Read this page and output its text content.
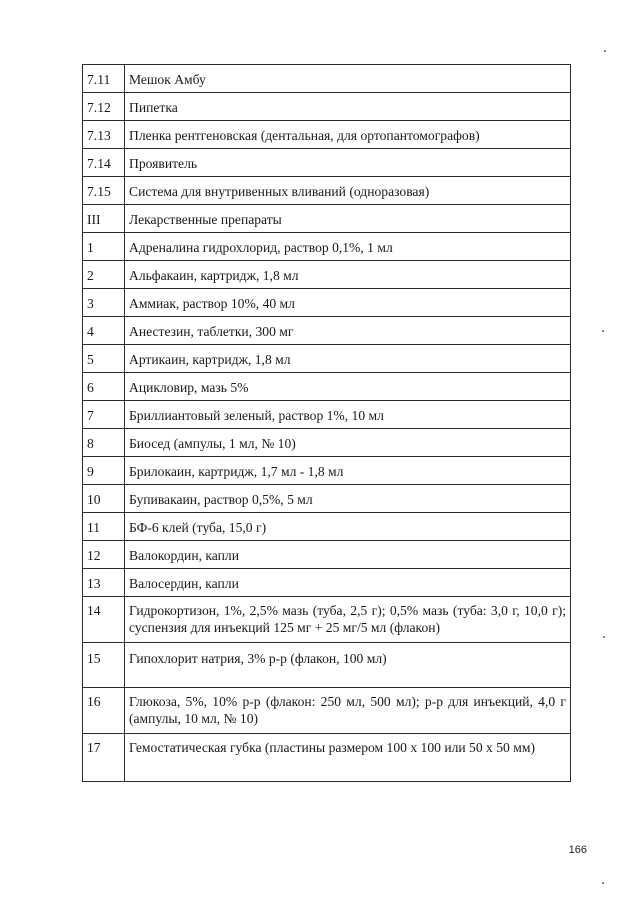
7.11	Мешок Амбу
7.12	Пипетка
7.13	Пленка рентгеновская (дентальная, для ортопантомографов)
7.14	Проявитель
7.15	Система для внутривенных вливаний (одноразовая)
III	Лекарственные препараты
1	Адреналина гидрохлорид, раствор 0,1%, 1 мл
2	Альфакаин, картридж, 1,8 мл
3	Аммиак, раствор 10%, 40 мл
4	Анестезин, таблетки, 300 мг
5	Артикаин, картридж, 1,8 мл
6	Ацикловир, мазь 5%
7	Бриллиантовый зеленый, раствор 1%, 10 мл
8	Биосед (ампулы, 1 мл, № 10)
9	Брилокаин, картридж, 1,7 мл - 1,8 мл
10	Бупивакаин, раствор 0,5%, 5 мл
11	БФ-6 клей (туба, 15,0 г)
12	Валокордин, капли
13	Валосердин, капли
14	Гидрокортизон, 1%, 2,5% мазь (туба, 2,5 г); 0,5% мазь (туба: 3,0 г, 10,0 г); суспензия для инъекций 125 мг + 25 мг/5 мл (флакон)
15	Гипохлорит натрия, 3% р-р (флакон, 100 мл)
16	Глюкоза, 5%, 10% р-р (флакон: 250 мл, 500 мл); р-р для инъекций, 4,0 г (ампулы, 10 мл, № 10)
17	Гемостатическая губка (пластины размером 100 х 100 или 50 х 50 мм)
166
